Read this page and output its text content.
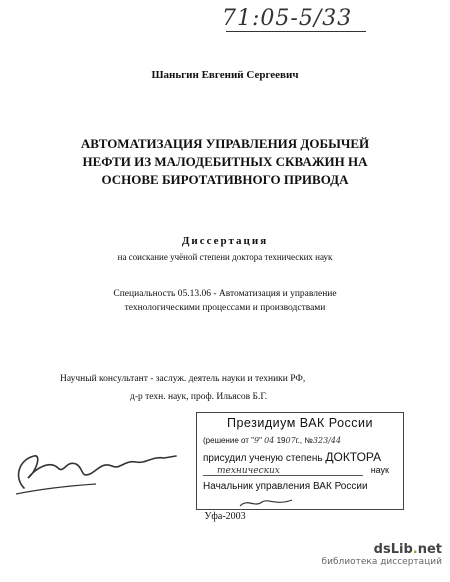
71:05-5/33
Шаньгин Евгений Сергеевич
АВТОМАТИЗАЦИЯ УПРАВЛЕНИЯ ДОБЫЧЕЙ
НЕФТИ ИЗ МАЛОДЕБИТНЫХ СКВАЖИН НА
ОСНОВЕ БИРОТАТИВНОГО ПРИВОДА
Диссертация
на соискание учёной степени доктора технических наук
Специальность 05.13.06 - Автоматизация и управление
технологическими процессами и производствами
Научный консультант - заслуж. деятель науки и техники РФ,
д-р техн. наук, проф. Ильясов Б.Г.
Президиум ВАК России
(решение от "9" 04 1907г., №323/44
присудил ученую степень ДОКТОРА
технических	наук
Начальник управления ВАК России
Уфа-2003
dsLib.net
библиотека диссертаций
